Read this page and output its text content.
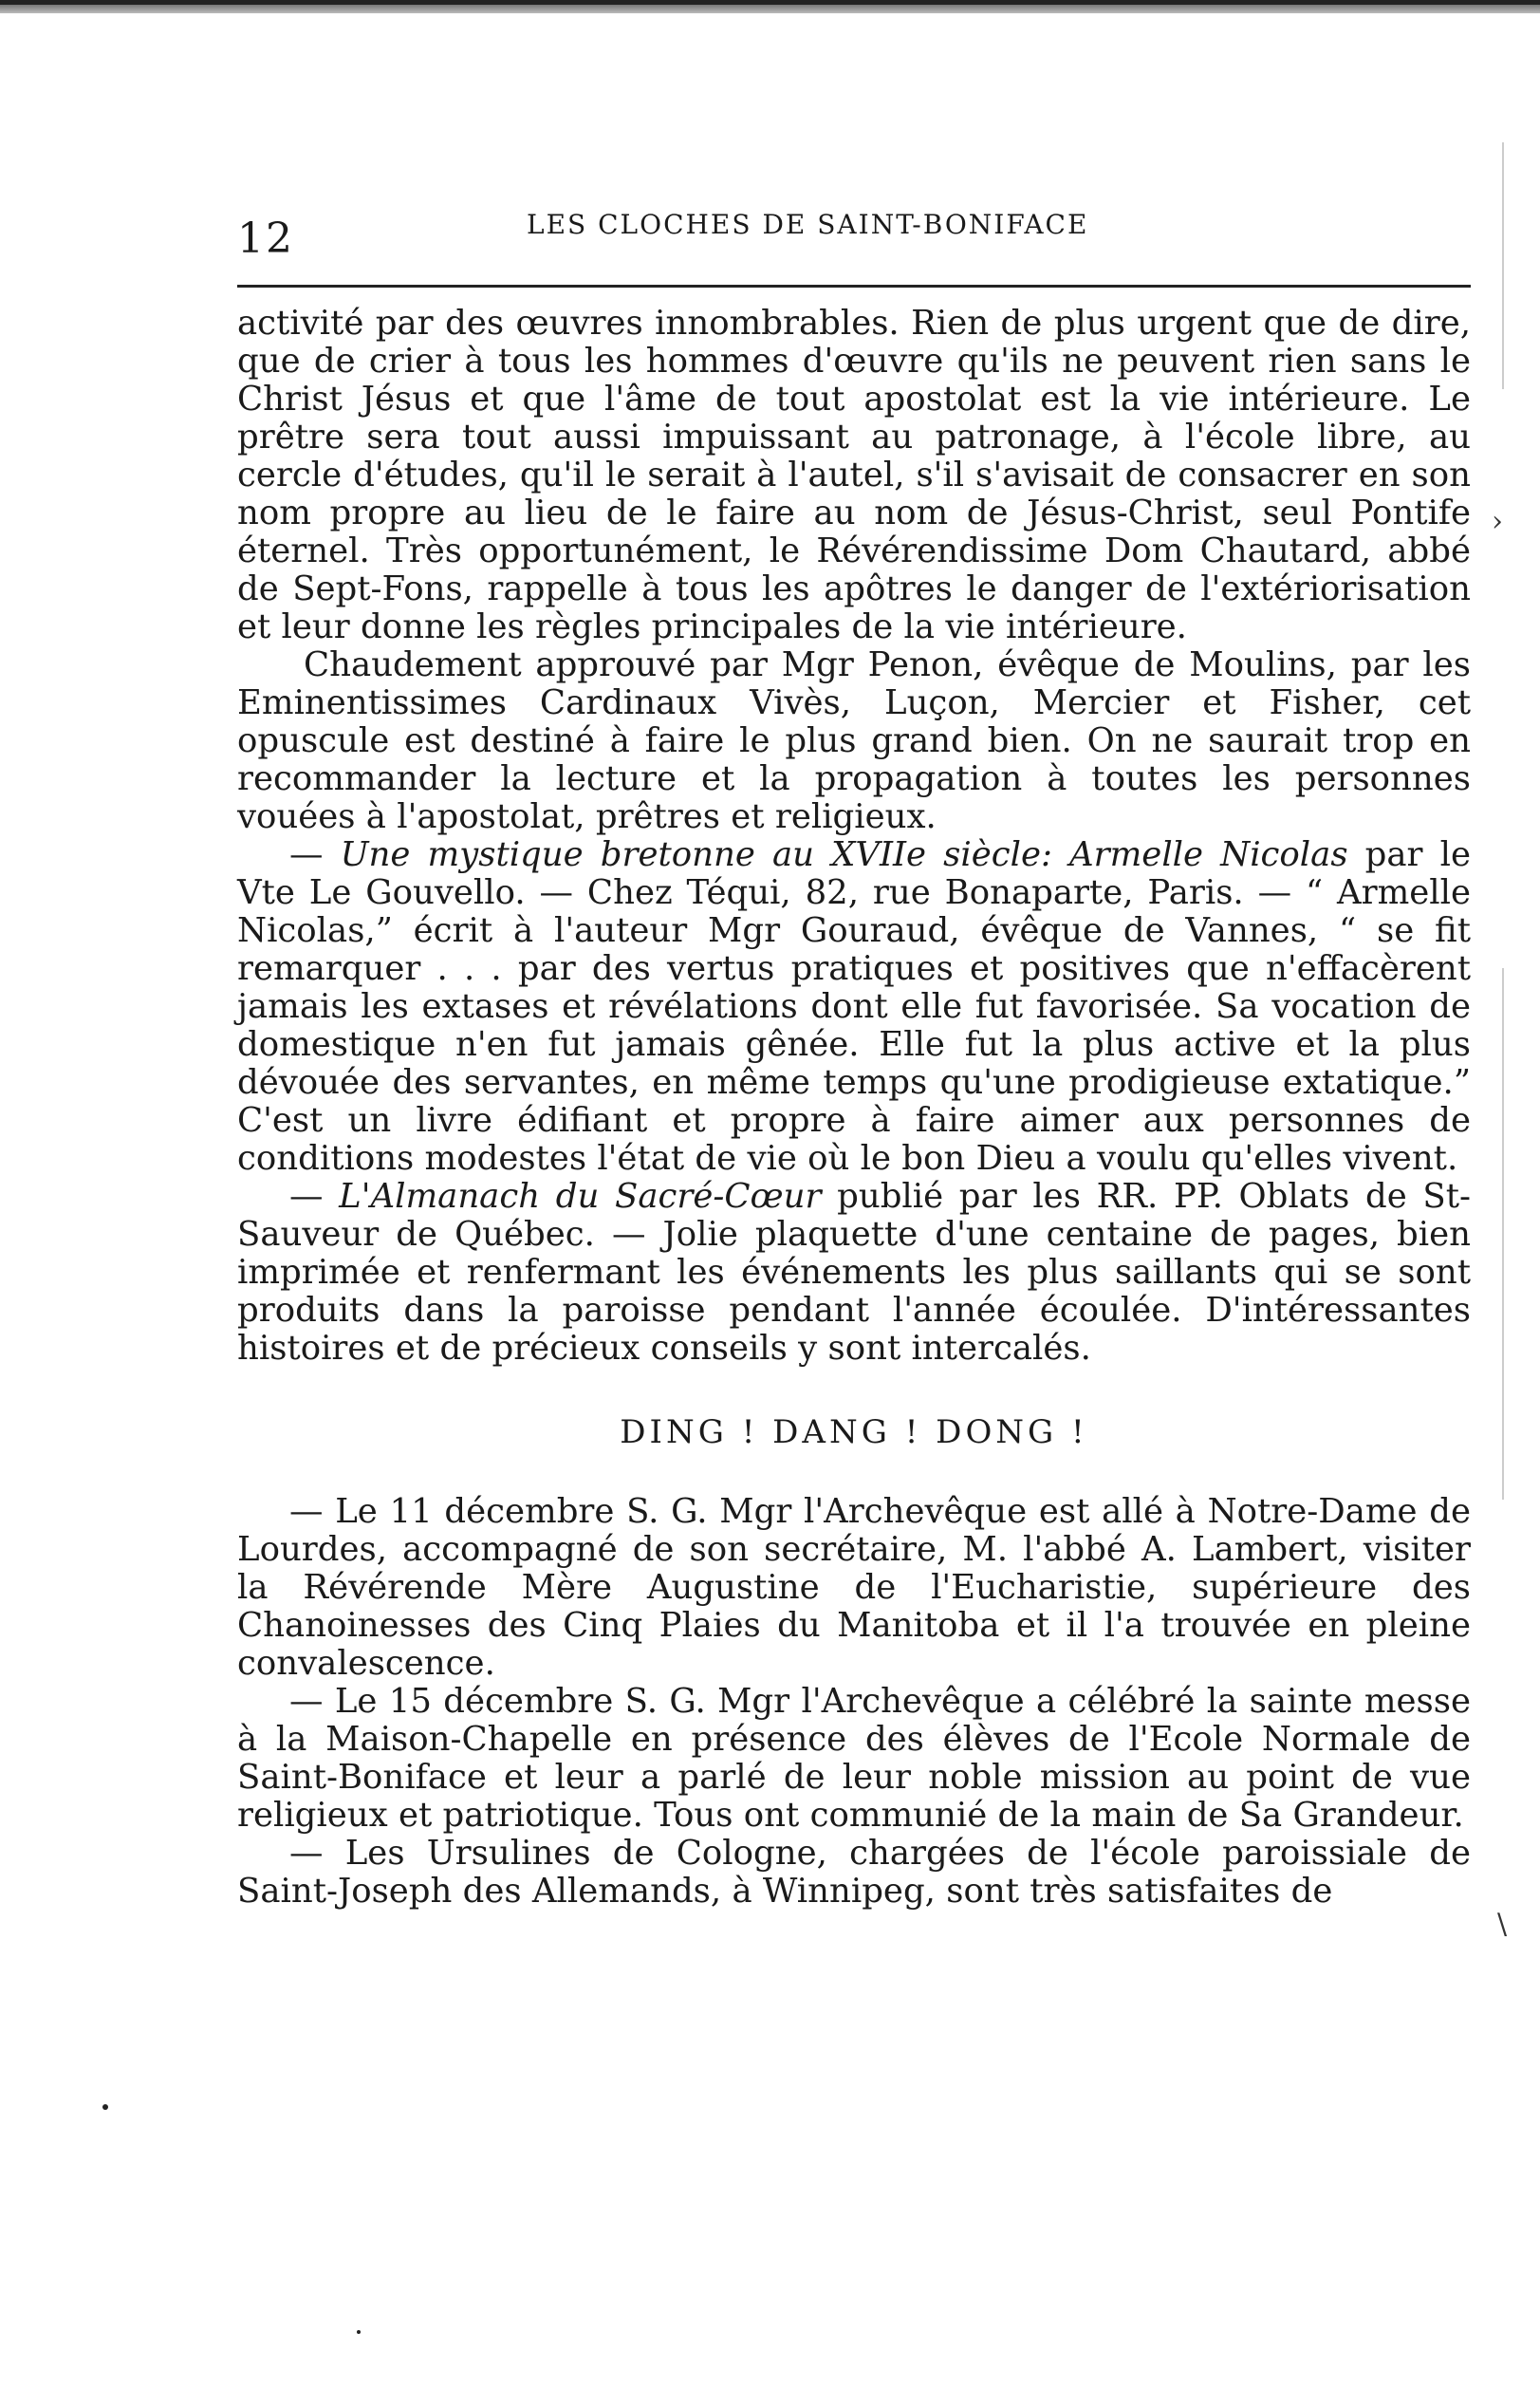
›
\
12	LES CLOCHES DE SAINT-BONIFACE

activité par des œuvres innombrables. Rien de plus urgent que de dire, que de crier à tous les hommes d'œuvre qu'ils ne peuvent rien sans le Christ Jésus et que l'âme de tout apostolat est la vie intérieure. Le prêtre sera tout aussi impuissant au patronage, à l'école libre, au cercle d'études, qu'il le serait à l'autel, s'il s'avisait de consacrer en son nom propre au lieu de le faire au nom de Jésus-Christ, seul Pontife éternel. Très opportunément, le Révérendissime Dom Chautard, abbé de Sept-Fons, rappelle à tous les apôtres le danger de l'extériorisation et leur donne les règles principales de la vie intérieure.

Chaudement approuvé par Mgr Penon, évêque de Moulins, par les Eminentissimes Cardinaux Vivès, Luçon, Mercier et Fisher, cet opuscule est destiné à faire le plus grand bien. On ne saurait trop en recommander la lecture et la propagation à toutes les personnes vouées à l'apostolat, prêtres et religieux.

— Une mystique bretonne au XVIIe siècle: Armelle Nicolas par le Vte Le Gouvello. — Chez Téqui, 82, rue Bonaparte, Paris. — “ Armelle Nicolas,” écrit à l'auteur Mgr Gouraud, évêque de Vannes, “ se fit remarquer . . . par des vertus pratiques et positives que n'effacèrent jamais les extases et révélations dont elle fut favorisée. Sa vocation de domestique n'en fut jamais gênée. Elle fut la plus active et la plus dévouée des servantes, en même temps qu'une prodigieuse extatique.” C'est un livre édifiant et propre à faire aimer aux personnes de conditions modestes l'état de vie où le bon Dieu a voulu qu'elles vivent.

— L'Almanach du Sacré-Cœur publié par les RR. PP. Oblats de St-Sauveur de Québec. — Jolie plaquette d'une centaine de pages, bien imprimée et renfermant les événements les plus saillants qui se sont produits dans la paroisse pendant l'année écoulée. D'intéressantes histoires et de précieux conseils y sont intercalés.

DING ! DANG ! DONG !

— Le 11 décembre S. G. Mgr l'Archevêque est allé à Notre-Dame de Lourdes, accompagné de son secrétaire, M. l'abbé A. Lambert, visiter la Révérende Mère Augustine de l'Eucharistie, supérieure des Chanoinesses des Cinq Plaies du Manitoba et il l'a trouvée en pleine convalescence.

— Le 15 décembre S. G. Mgr l'Archevêque a célébré la sainte messe à la Maison-Chapelle en présence des élèves de l'Ecole Normale de Saint-Boniface et leur a parlé de leur noble mission au point de vue religieux et patriotique. Tous ont communié de la main de Sa Grandeur.

— Les Ursulines de Cologne, chargées de l'école paroissiale de Saint-Joseph des Allemands, à Winnipeg, sont très satisfaites de
